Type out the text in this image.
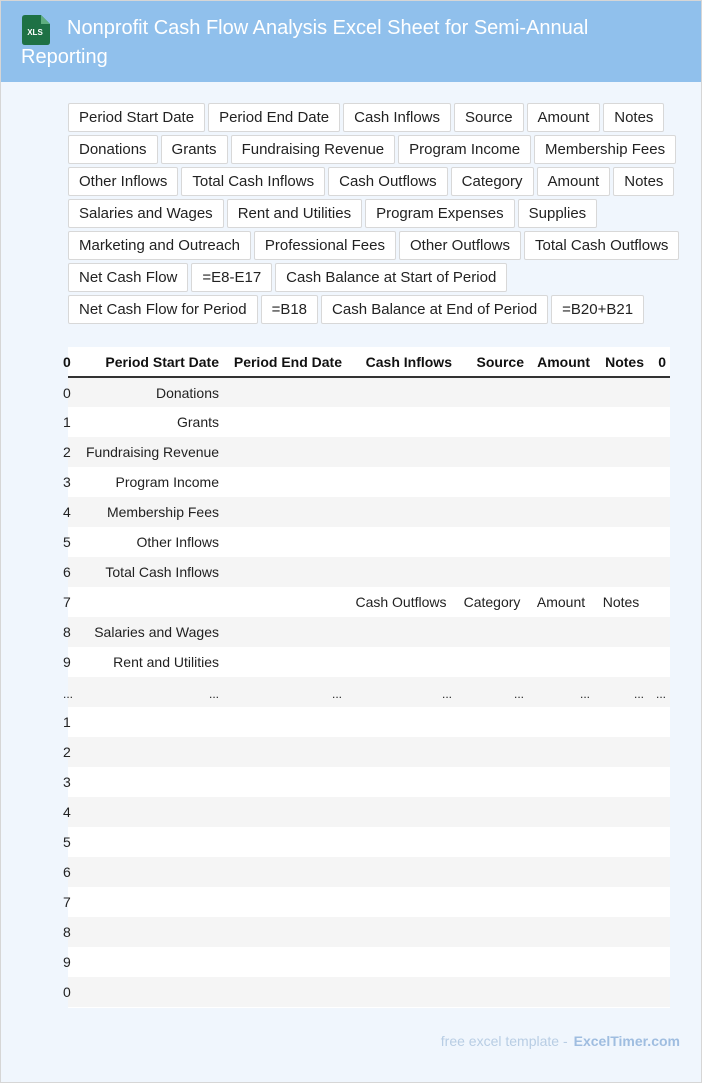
XLS	Nonprofit Cash Flow Analysis Excel Sheet for Semi-Annual Reporting
Period Start Date	Period End Date	Cash Inflows	Source	Amount	Notes
Donations	Grants	Fundraising Revenue	Program Income	Membership Fees
Other Inflows	Total Cash Inflows	Cash Outflows	Category	Amount	Notes
Salaries and Wages	Rent and Utilities	Program Expenses	Supplies
Marketing and Outreach	Professional Fees	Other Outflows	Total Cash Outflows
Net Cash Flow	=E8-E17	Cash Balance at Start of Period
Net Cash Flow for Period	=B18	Cash Balance at End of Period	=B20+B21
0	Period Start Date	Period End Date	Cash Inflows	Source	Amount	Notes	0

0	Donations						

1	Grants						

2	Fundraising Revenue						

3	Program Income						

4	Membership Fees						

5	Other Inflows						

6	Total Cash Inflows						

7			Cash Outflows	Category	Amount	Notes	

8	Salaries and Wages						

9	Rent and Utilities						

...	...	...	...	...	...	...	...

1							

2							

3							

4							

5							

6							

7							

8							

9							

0							

free excel template - ExcelTimer.com
